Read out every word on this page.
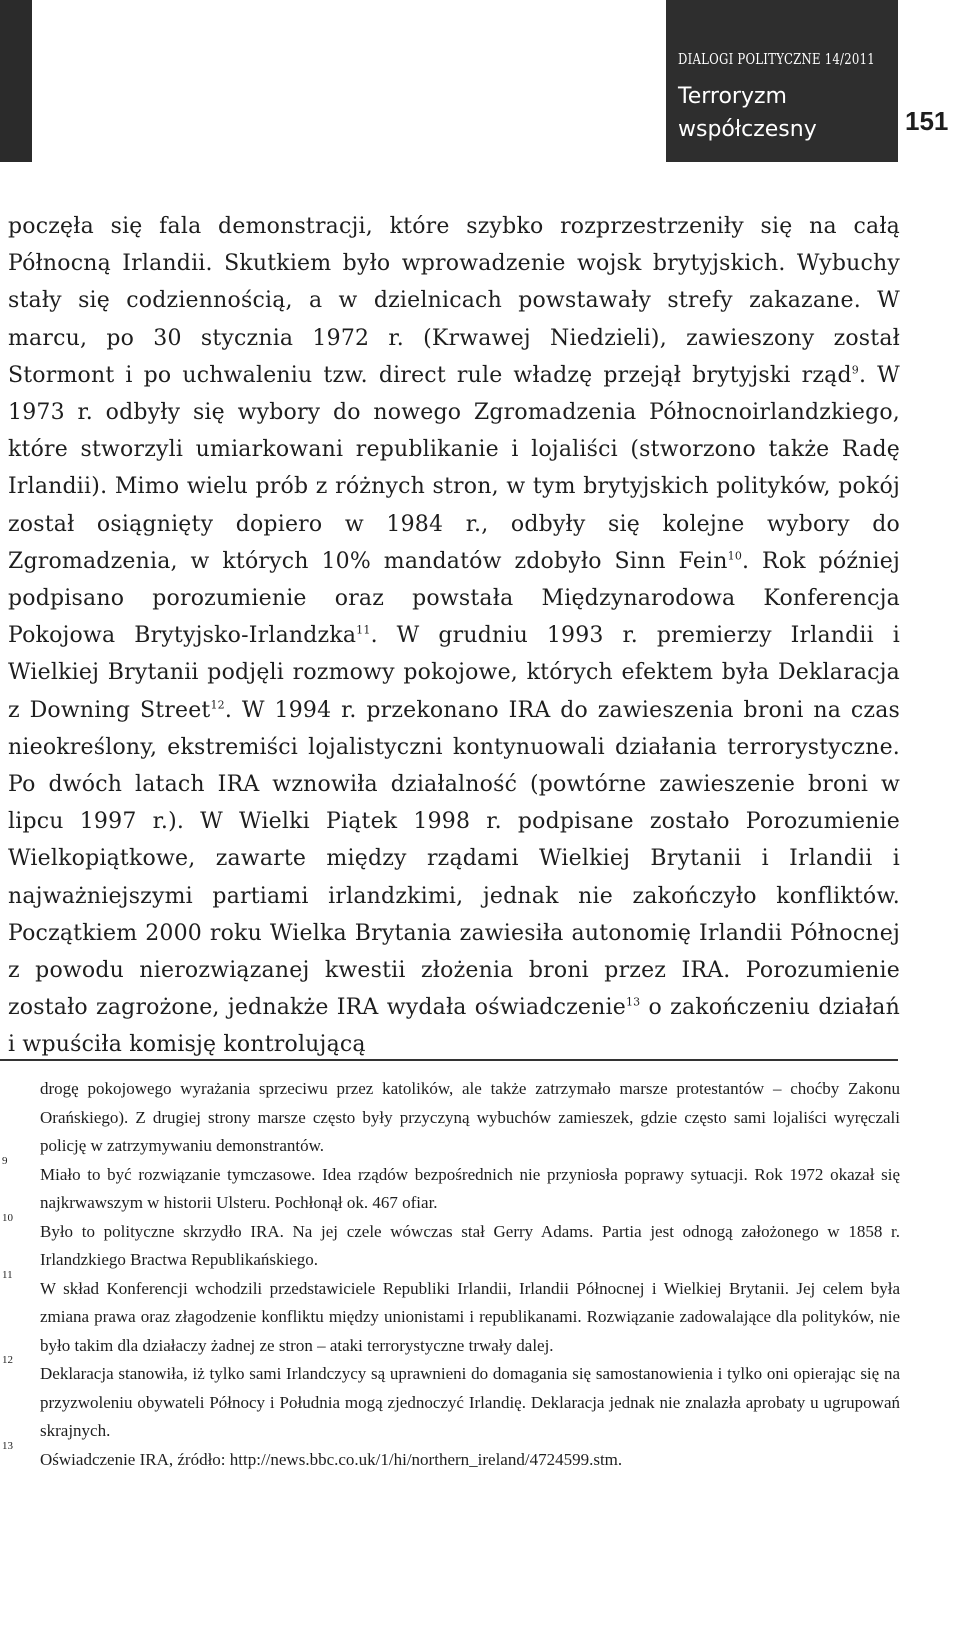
DIALOGI POLITYCZNE 14/2011
Terroryzm współczesny	151

poczęła się fala demonstracji, które szybko rozprzestrzeniły się na całą Północną Irlandii. Skutkiem było wprowadzenie wojsk brytyjskich. Wybuchy stały się codziennością, a w dzielnicach powstawały strefy zakazane. W marcu, po 30 stycznia 1972 r. (Krwawej Niedzieli), zawieszony został Stormont i po uchwaleniu tzw. direct rule władzę przejął brytyjski rząd$^9$. W 1973 r. odbyły się wybory do nowego Zgromadzenia Północnoirlandzkiego, które stworzyli umiarkowani republikanie i lojaliści (stworzono także Radę Irlandii). Mimo wielu prób z różnych stron, w tym brytyjskich polityków, pokój został osiągnięty dopiero w 1984 r., odbyły się kolejne wybory do Zgromadzenia, w których 10% mandatów zdobyło Sinn Fein$^{10}$. Rok później podpisano porozumienie oraz powstała Międzynarodowa Konferencja Pokojowa Brytyjsko-Irlandzka$^{11}$. W grudniu 1993 r. premierzy Irlandii i Wielkiej Brytanii podjęli rozmowy pokojowe, których efektem była Deklaracja z Downing Street$^{12}$. W 1994 r. przekonano IRA do zawieszenia broni na czas nieokreślony, ekstremiści lojalistyczni kontynuowali działania terrorystyczne. Po dwóch latach IRA wznowiła działalność (powtórne zawieszenie broni w lipcu 1997 r.). W Wielki Piątek 1998 r. podpisane zostało Porozumienie Wielkopiątkowe, zawarte między rządami Wielkiej Brytanii i Irlandii i najważniejszymi partiami irlandzkimi, jednak nie zakończyło konfliktów. Początkiem 2000 roku Wielka Brytania zawiesiła autonomię Irlandii Północnej z powodu nierozwiązanej kwestii złożenia broni przez IRA. Porozumienie zostało zagrożone, jednakże IRA wydała oświadczenie$^{13}$ o zakończeniu działań i wpuściła komisję kontrolującą

drogę pokojowego wyrażania sprzeciwu przez katolików, ale także zatrzymało marsze protestantów – choćby Zakonu Orańskiego). Z drugiej strony marsze często były przyczyną wybuchów zamieszek, gdzie często sami lojaliści wyręczali policję w zatrzymywaniu demonstrantów.

9
Miało to być rozwiązanie tymczasowe. Idea rządów bezpośrednich nie przyniosła poprawy sytuacji. Rok 1972 okazał się najkrwawszym w historii Ulsteru. Pochłonął ok. 467 ofiar.

10
Było to polityczne skrzydło IRA. Na jej czele wówczas stał Gerry Adams. Partia jest odnogą założonego w 1858 r. Irlandzkiego Bractwa Republikańskiego.

11
W skład Konferencji wchodzili przedstawiciele Republiki Irlandii, Irlandii Północnej i Wielkiej Brytanii. Jej celem była zmiana prawa oraz złagodzenie konfliktu między unionistami i republikanami. Rozwiązanie zadowalające dla polityków, nie było takim dla działaczy żadnej ze stron – ataki terrorystyczne trwały dalej.

12
Deklaracja stanowiła, iż tylko sami Irlandczycy są uprawnieni do domagania się samostanowienia i tylko oni opierając się na przyzwoleniu obywateli Północy i Południa mogą zjednoczyć Irlandię. Deklaracja jednak nie znalazła aprobaty u ugrupowań skrajnych.

13
Oświadczenie IRA, źródło: http://news.bbc.co.uk/1/hi/northern_ireland/4724599.stm.
